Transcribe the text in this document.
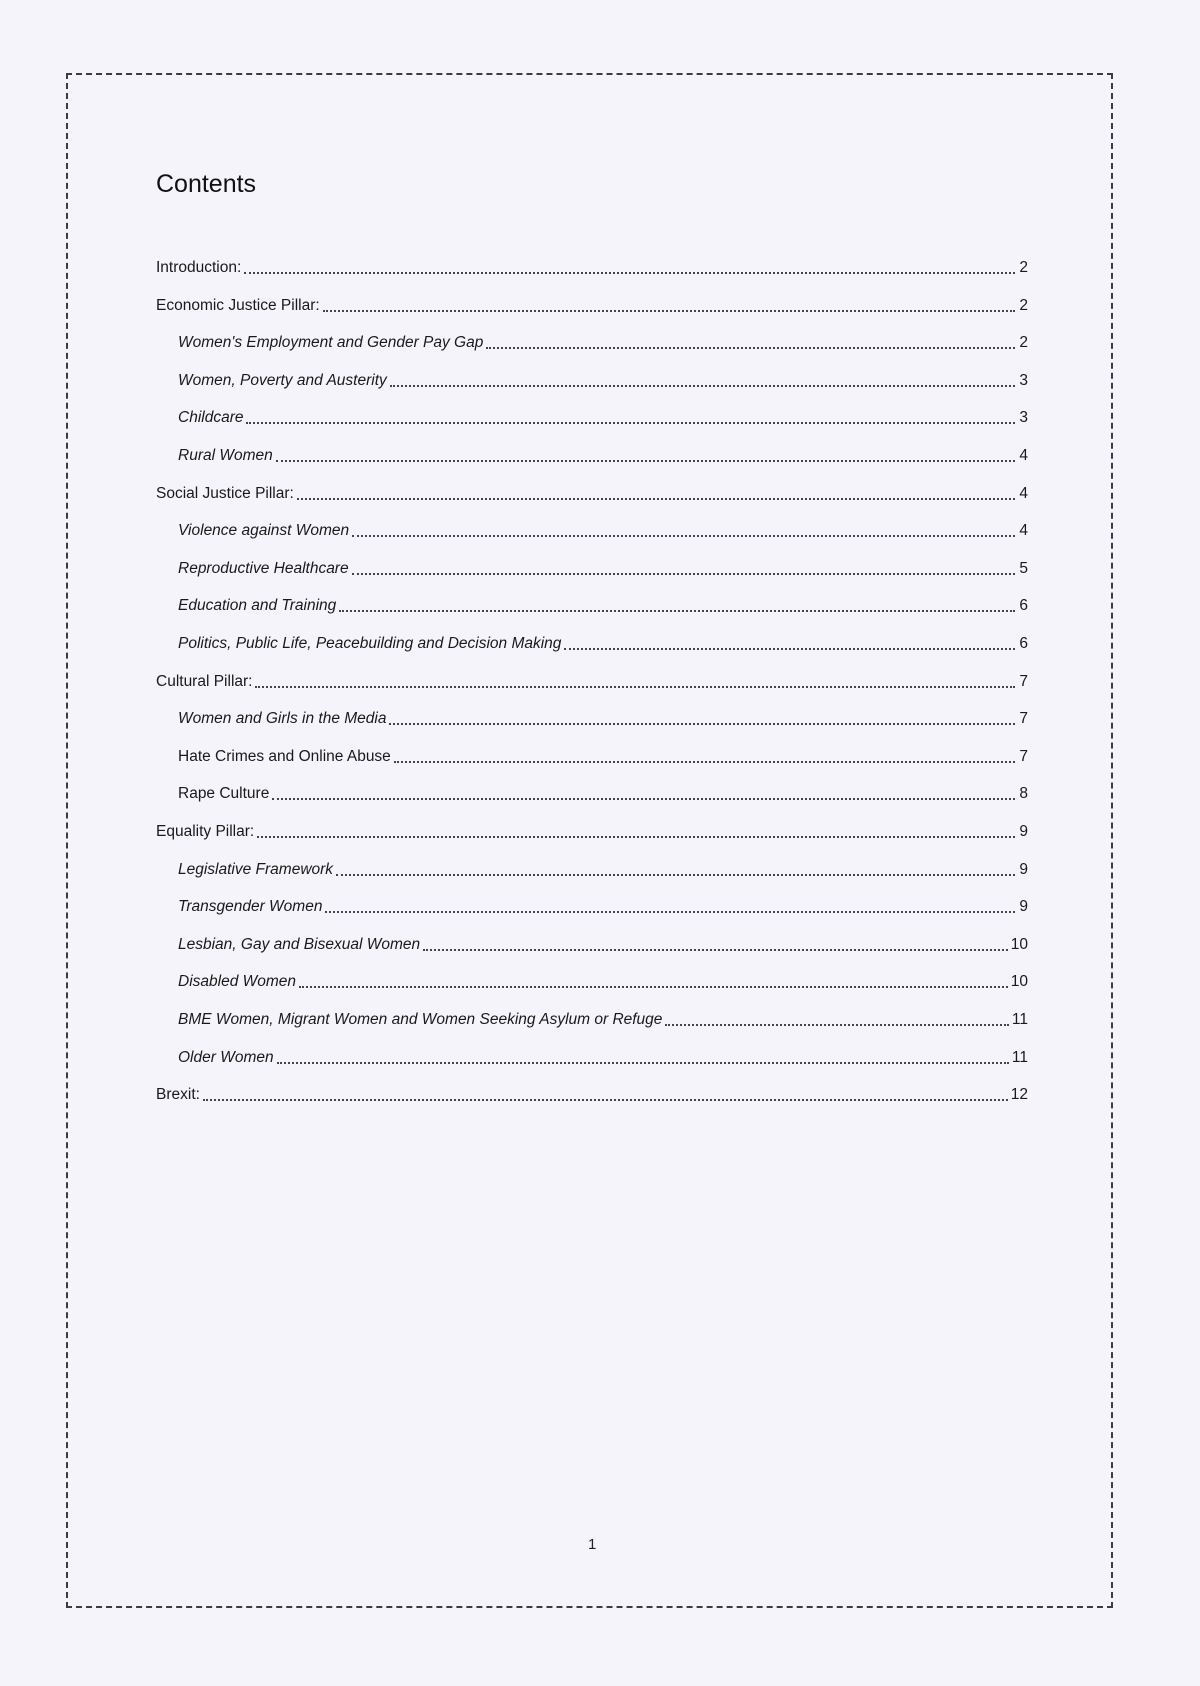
Contents
Introduction:	2
Economic Justice Pillar:	2
Women's Employment and Gender Pay Gap	2
Women, Poverty and Austerity	3
Childcare	3
Rural Women	4
Social Justice Pillar:	4
Violence against Women	4
Reproductive Healthcare	5
Education and Training	6
Politics, Public Life, Peacebuilding and Decision Making	6
Cultural Pillar:	7
Women and Girls in the Media	7
Hate Crimes and Online Abuse	7
Rape Culture	8
Equality Pillar:	9
Legislative Framework	9
Transgender Women	9
Lesbian, Gay and Bisexual Women	10
Disabled Women	10
BME Women, Migrant Women and Women Seeking Asylum or Refuge	11
Older Women	11
Brexit:	12
1
